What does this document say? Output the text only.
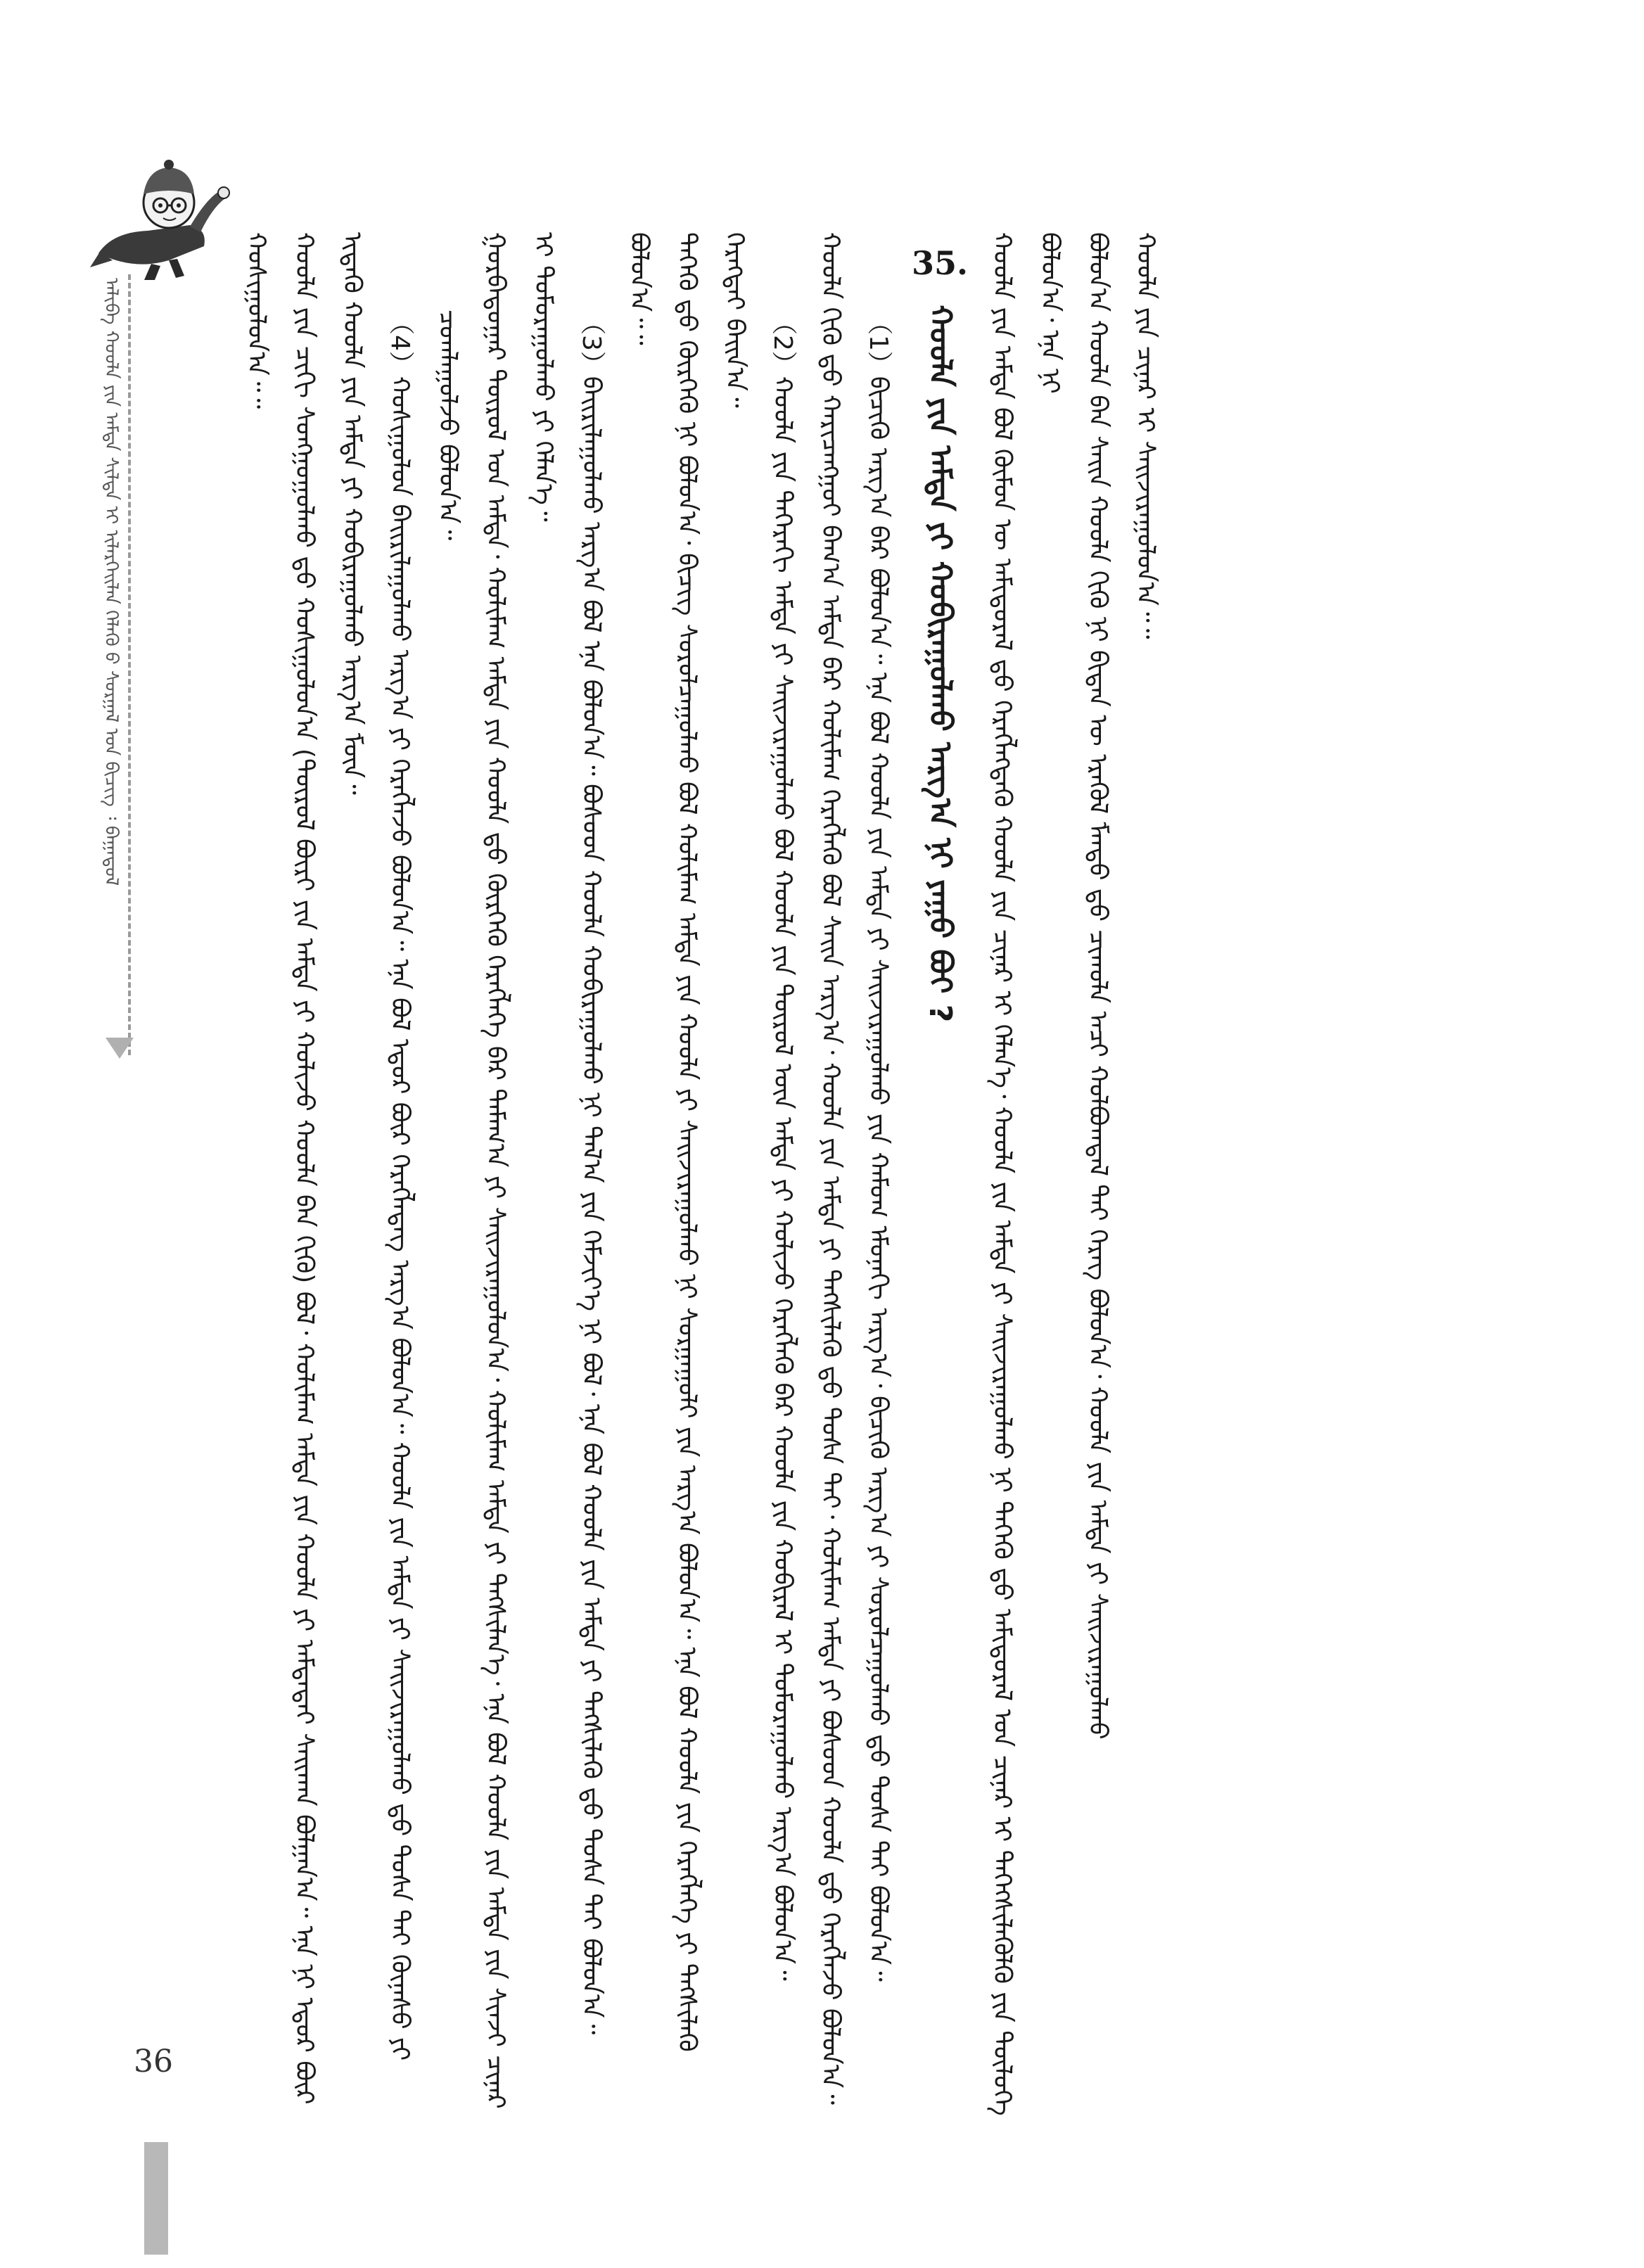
ᠠᠯᠢᠪᠠ ᠬᠣᠣᠯᠠ ᠶᠢᠨ ᠠᠮᠲᠠ ᠰᠢᠯᠲᠡ ᠢ ᠢᠯᠡᠷᠬᠡᠢᠯᠡᠨ ᠬᠡᠯᠡᠬᠦ ᠤ᠋ ᠰᠤᠷᠭᠠᠯ ᠤᠨ ᠪᠢᠴᠢᠭ᠌ ᠄ ᠪᠠᠭᠠᠳᠤᠯ	ᠬᠣᠰᠢᠭᠤᠯᠤᠨ᠎ᠠ᠃᠃ ᠬᠣᠣᠯᠠ ᠶᠢᠨ ᠴᠢᠬᠢ ᠰᠣᠩᠭᠤᠭᠤᠯᠬᠤ ᠳ᠋ᠤ᠌ ᠬᠣᠰᠢᠭᠤᠯᠤᠨ᠎ᠠ (ᠲᠥᠷᠦᠯ ᠪᠦᠷᠢ ᠶᠢᠨ ᠠᠮᠲᠠ ᠶᠢ ᠬᠣᠯᠢᠵᠤ ᠬᠣᠣᠯᠠ ᠪᠡᠨ ᠬᠢᠬᠦ) ᠪᠣᠯ᠂ ᠬᠣᠯᠢᠮᠠᠭ ᠠᠮᠲᠠ ᠶᠢᠨ ᠬᠣᠣᠯᠠ ᠶᠢ ᠠᠮᠲᠠᠲᠠᠢ ᠰᠠᠢᠬᠠᠨ ᠪᠣᠯᠭᠠᠨ᠎ᠠ᠃ ᠡᠨᠡ ᠨᠢ ᠡᠳ᠋ᠦᠷ ᠪᠦᠷ ᠢᠳᠡᠬᠦ ᠬᠣᠣᠯᠠ ᠶᠢᠨ ᠠᠮᠲᠠ ᠶᠢ ᠬᠣᠪᠢᠷᠠᠭᠤᠯᠬᠤ ᠠᠷᠭ᠎ᠠ ᠮᠥᠨ᠃ （4）ᠬᠣᠰᠢᠭᠤᠯᠤᠨ ᠪᠠᠢᠷᠢᠯᠠᠭᠤᠯᠬᠤ ᠠᠷᠭ᠎ᠠ ᠶᠢ ᠬᠡᠷᠡᠭᠯᠡᠵᠦ ᠪᠣᠯᠤᠨ᠎ᠠ᠃ ᠡᠨᠡ ᠪᠣᠯ ᠡᠳ᠋ᠦᠷ ᠪᠦᠷ ᠬᠡᠷᠡᠭᠯᠡᠳᠡᠭ ᠠᠷᠭ᠎ᠠ ᠪᠣᠯᠤᠨ᠎ᠠ᠃ ᠬᠣᠣᠯᠠ ᠶᠢᠨ ᠠᠮᠲᠠ ᠶᠢ ᠰᠠᠢᠵᠢᠷᠠᠭᠤᠯᠬᠤ ᠳ᠋ᠤ᠌ ᠲᠤᠰᠠ ᠲᠠᠢ ᠬᠦᠨᠡᠰᠦ ᠶᠢ ᠴᠤᠭᠯᠠᠭᠤᠯᠵᠤ ᠪᠣᠯᠤᠨ᠎ᠠ᠃ ᠭᠤᠷᠪᠠᠳᠤᠭᠠᠷ ᠲᠥᠷᠦᠯ ᠤᠨ ᠠᠮᠲᠠ᠂ ᠬᠣᠯᠢᠮᠠᠭ ᠠᠮᠲᠠ ᠶᠢᠨ ᠬᠣᠣᠯᠠ ᠳ᠋ᠤ᠌ ᠬᠦᠷᠭᠡᠬᠦ ᠬᠡᠷᠡᠭᠯᠡᠭᠡ ᠪᠠᠷ ᠲᠠᠮᠠᠭ᠎ᠠ ᠶᠢ ᠰᠠᠢᠵᠢᠷᠠᠭᠤᠯᠤᠨ᠎ᠠ᠂ ᠬᠣᠯᠢᠮᠠᠭ ᠠᠮᠲᠠ ᠶᠢ ᠲᠡᠭᠰᠢᠯᠡᠨ᠎ᠡ᠂ ᠡᠨᠡ ᠪᠣᠯ ᠬᠣᠣᠯᠠ ᠶᠢᠨ ᠠᠮᠲᠠ ᠶᠢᠨ ᠰᠢᠨᠵᠢ ᠴᠢᠨᠠᠷ ᠢ ᠲᠣᠮᠣᠷᠠᠭᠤᠯᠬᠤ ᠶᠢ ᠬᠡᠯᠡᠨ᠎ᠡ᠃ （3）ᠪᠠᠢᠷᠢᠯᠠᠭᠤᠯᠬᠤ ᠠᠷᠭ᠎ᠠ ᠪᠣᠯ ᠡᠨᠡ ᠪᠣᠯᠤᠨ᠎ᠠ᠃ ᠪᠤᠰᠤᠳ ᠬᠣᠣᠯᠠ ᠬᠣᠪᠢᠷᠠᠭᠤᠯᠬᠤ ᠨᠢ ᠲᠠᠯ᠎ᠠ ᠶᠢᠨ ᠬᠡᠮᠵᠢᠶ᠎ᠡ ᠨᠢ ᠪᠣᠯ᠂ ᠡᠨᠡ ᠪᠣᠯ ᠬᠣᠣᠯᠠ ᠶᠢᠨ ᠠᠮᠲᠠ ᠶᠢ ᠲᠡᠭᠰᠢᠯᠡᠬᠦ ᠳ᠋ᠤ᠌ ᠲᠤᠰᠠ ᠲᠠᠢ ᠪᠣᠯᠤᠨ᠎ᠠ᠃
ᠪᠣᠯᠤᠨ᠎ᠠ᠃᠃ ᠲᠡᠭᠡᠬᠦ ᠳ᠋ᠤ᠌ ᠬᠦᠷᠭᠡᠬᠦ ᠨᠢ ᠪᠣᠯᠤᠨ᠎ᠠ᠂ ᠪᠢᠴᠢᠭ ᠰᠤᠷᠤᠯᠴᠠᠭᠤᠯᠬᠤ ᠪᠣᠯ ᠬᠣᠯᠢᠮᠠᠭ ᠠᠮᠲᠠ ᠶᠢᠨ ᠬᠣᠣᠯᠠ ᠶᠢ ᠰᠠᠢᠵᠢᠷᠠᠭᠤᠯᠬᠤ ᠨᠢ ᠰᠤᠷᠭᠠᠭᠤᠯᠢ ᠶᠢᠨ ᠠᠷᠭ᠎ᠠ ᠪᠣᠯᠤᠨ᠎ᠠ᠃ ᠡᠨᠡ ᠪᠣᠯ ᠬᠣᠣᠯᠠ ᠶᠢᠨ ᠬᠡᠷᠡᠭᠯᠡᠭᠡ ᠶᠢ ᠲᠡᠭᠰᠢᠯᠡᠬᠦ ᠬᠡᠷᠡᠭᠲᠡᠢ ᠪᠠᠢᠨ᠎ᠠ᠃ （2）ᠬᠣᠣᠯᠠ ᠶᠢᠨ ᠳᠡᠭᠡᠷᠡᠬᠢ ᠠᠮᠲᠠ ᠶᠢ ᠰᠠᠢᠵᠢᠷᠠᠭᠤᠯᠬᠤ ᠪᠣᠯ ᠬᠣᠣᠯᠠ ᠶᠢᠨ ᠲᠥᠷᠦᠯ ᠦᠨ ᠠᠮᠲᠠ ᠶᠢ ᠬᠣᠯᠢᠵᠤ ᠬᠡᠷᠡᠭᠯᠡᠬᠦ ᠪᠠᠷ ᠬᠣᠣᠯᠠ ᠶᠢᠨ ᠬᠣᠪᠢᠷᠠᠯ ᠢ ᠲᠣᠮᠣᠷᠠᠭᠤᠯᠬᠤ ᠠᠷᠭ᠎ᠠ ᠪᠣᠯᠤᠨ᠎ᠠ᠃ ᠬᠣᠣᠯᠠ ᠬᠢᠬᠦ ᠳ᠋ᠤ᠌ ᠬᠠᠷᠢᠴᠠᠩᠭᠤᠢ ᠪᠠᠭ᠎ᠠ ᠠᠮᠲᠠ ᠪᠠᠷ ᠬᠣᠯᠢᠮᠠᠭ ᠬᠡᠷᠡᠭᠯᠡᠬᠦ ᠪᠣᠯ ᠰᠠᠢᠨ ᠠᠷᠭ᠎ᠠ᠂ ᠬᠣᠣᠯᠠ ᠶᠢᠨ ᠠᠮᠲᠠ ᠶᠢ ᠲᠡᠭᠰᠢᠯᠡᠬᠦ ᠳ᠋ᠤ᠌ ᠲᠤᠰᠠ ᠲᠠᠢ᠂ ᠬᠣᠯᠢᠮᠠᠭ ᠠᠮᠲᠠ ᠶᠢ ᠪᠤᠰᠤᠳ ᠬᠣᠣᠯᠠ ᠳ᠋ᠤ᠌ ᠬᠡᠷᠡᠭᠯᠡᠵᠦ ᠪᠣᠯᠤᠨ᠎ᠠ᠃ （1）ᠪᠢᠴᠢᠬᠦ ᠠᠷᠭ᠎ᠠ ᠪᠠᠷ ᠪᠣᠯᠤᠨ᠎ᠠ᠃ ᠡᠨᠡ ᠪᠣᠯ ᠬᠣᠣᠯᠠ ᠶᠢᠨ ᠠᠮᠲᠠ ᠶᠢ ᠰᠠᠢᠵᠢᠷᠠᠭᠤᠯᠬᠤ ᠶᠢᠨ ᠬᠠᠮᠤᠭ ᠡᠮᠦᠨᠡᠬᠢ ᠠᠷᠭ᠎ᠠ᠂ ᠪᠢᠴᠢᠬᠦ ᠠᠷᠭ᠎ᠠ ᠶᠢ ᠰᠤᠷᠤᠯᠴᠠᠭᠤᠯᠬᠤ ᠳ᠋ᠤ᠌ ᠲᠤᠰᠠ ᠲᠠᠢ ᠪᠣᠯᠤᠨ᠎ᠠ᠃
35. ᠬᠣᠣᠯᠠ ᠶᠢᠨ ᠠᠮᠲᠠ ᠶᠢ ᠬᠣᠪᠢᠷᠠᠭᠤᠯᠬᠤ ᠠᠷᠭ᠎ᠠ ᠨᠢ ᠶᠠᠭᠤ ᠪᠣᠢ ?	ᠬᠣᠣᠯᠠ ᠶᠢᠨ ᠠᠮᠲᠠ ᠪᠣᠯ ᠬᠦᠮᠦᠨ ᠦ ᠠᠮᠢᠳᠤᠷᠠᠯ ᠳ᠋ᠤ᠌ ᠬᠡᠷᠡᠭᠯᠡᠭᠳᠡᠬᠦ ᠬᠣᠣᠯᠠ ᠶᠢᠨ ᠴᠢᠨᠠᠷ ᠢ ᠬᠡᠯᠡᠨ᠎ᠡ᠂ ᠬᠣᠣᠯᠠ ᠶᠢᠨ ᠠᠮᠲᠠ ᠶᠢ ᠰᠠᠢᠵᠢᠷᠠᠭᠤᠯᠬᠤ ᠨᠢ ᠲᠡᠭᠡᠬᠦ ᠳ᠋ᠤ᠌ ᠠᠮᠢᠳᠤᠷᠠᠯ ᠤᠨ ᠴᠢᠨᠠᠷ ᠢ ᠳᠡᠭᠡᠭᠰᠢᠯᠡᠭᠦᠯᠬᠦ ᠶᠢᠨ ᠲᠥᠯᠥᠭᠡ ᠪᠣᠯᠤᠨ᠎ᠠ᠂ ᠡᠨᠡ ᠨᠢ ᠪᠣᠯᠤᠨ᠎ᠠ ᠬᠣᠣᠯᠠ ᠪᠡᠨ ᠰᠠᠢᠨ ᠬᠣᠣᠯᠠ ᠬᠢᠬᠦ ᠨᠢ ᠪᠢᠳᠡᠨ ᠦ ᠡᠷᠡᠭᠦᠯ ᠮᠡᠨᠳᠦ ᠳ᠋ᠤ᠌ ᠴᠢᠬᠤᠯᠠ ᠠᠴᠢ ᠬᠣᠯᠪᠣᠭᠳᠠᠯ ᠲᠠᠢ ᠬᠡᠷᠡᠭ ᠪᠣᠯᠤᠨ᠎ᠠ᠂ ᠬᠣᠣᠯᠠ ᠶᠢᠨ ᠠᠮᠲᠠ ᠶᠢ ᠰᠠᠢᠵᠢᠷᠠᠭᠤᠯᠬᠤ ᠬᠣᠣᠯᠠ ᠶᠢᠨ ᠴᠢᠨᠠᠷ ᠢ ᠰᠠᠢᠵᠢᠷᠠᠭᠤᠯᠤᠨ᠎ᠠ᠃᠃
36
